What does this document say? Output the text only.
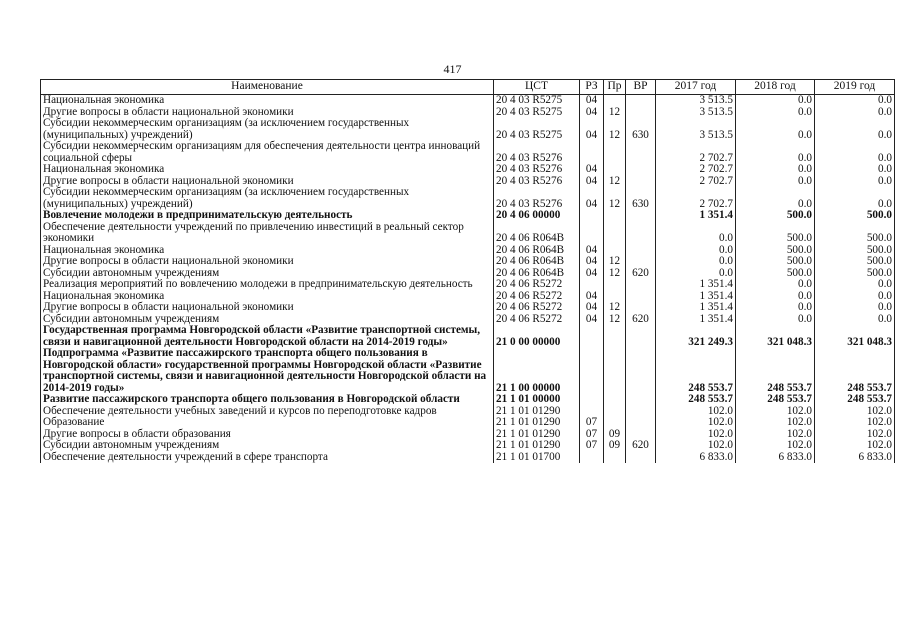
417
Наименование	ЦСТ	РЗ	Пр	ВР	2017 год	2018 год	2019 год
Национальная экономика	20 4 03 R5275	04			3 513.5	0.0	0.0
Другие вопросы в области национальной экономики	20 4 03 R5275	04	12		3 513.5	0.0	0.0
Субсидии некоммерческим организациям (за исключением государственных (муниципальных) учреждений)	20 4 03 R5275	04	12	630	3 513.5	0.0	0.0
Субсидии некоммерческим организациям для обеспечения деятельности центра инноваций социальной сферы	20 4 03 R5276				2 702.7	0.0	0.0
Национальная экономика	20 4 03 R5276	04			2 702.7	0.0	0.0
Другие вопросы в области национальной экономики	20 4 03 R5276	04	12		2 702.7	0.0	0.0
Субсидии некоммерческим организациям (за исключением государственных (муниципальных) учреждений)	20 4 03 R5276	04	12	630	2 702.7	0.0	0.0
Вовлечение молодежи в предпринимательскую деятельность	20 4 06 00000				1 351.4	500.0	500.0
Обеспечение деятельности учреждений по привлечению инвестиций в реальный сектор экономики	20 4 06 R064B				0.0	500.0	500.0
Национальная экономика	20 4 06 R064B	04			0.0	500.0	500.0
Другие вопросы в области национальной экономики	20 4 06 R064B	04	12		0.0	500.0	500.0
Субсидии автономным учреждениям	20 4 06 R064B	04	12	620	0.0	500.0	500.0
Реализация мероприятий по вовлечению молодежи в предпринимательскую деятельность	20 4 06 R5272				1 351.4	0.0	0.0
Национальная экономика	20 4 06 R5272	04			1 351.4	0.0	0.0
Другие вопросы в области национальной экономики	20 4 06 R5272	04	12		1 351.4	0.0	0.0
Субсидии автономным учреждениям	20 4 06 R5272	04	12	620	1 351.4	0.0	0.0
Государственная программа Новгородской области «Развитие транспортной системы, связи и навигационной деятельности Новгородской области на 2014-2019 годы»	21 0 00 00000				321 249.3	321 048.3	321 048.3
Подпрограмма «Развитие пассажирского транспорта общего пользования в Новгородской области» государственной программы Новгородской области «Развитие транспортной системы, связи и навигационной деятельности Новгородской области на 2014-2019 годы»	21 1 00 00000				248 553.7	248 553.7	248 553.7
Развитие пассажирского транспорта общего пользования в Новгородской области	21 1 01 00000				248 553.7	248 553.7	248 553.7
Обеспечение деятельности учебных заведений и курсов по переподготовке кадров	21 1 01 01290				102.0	102.0	102.0
Образование	21 1 01 01290	07			102.0	102.0	102.0
Другие вопросы в области образования	21 1 01 01290	07	09		102.0	102.0	102.0
Субсидии автономным учреждениям	21 1 01 01290	07	09	620	102.0	102.0	102.0
Обеспечение деятельности учреждений в сфере транспорта	21 1 01 01700				6 833.0	6 833.0	6 833.0
